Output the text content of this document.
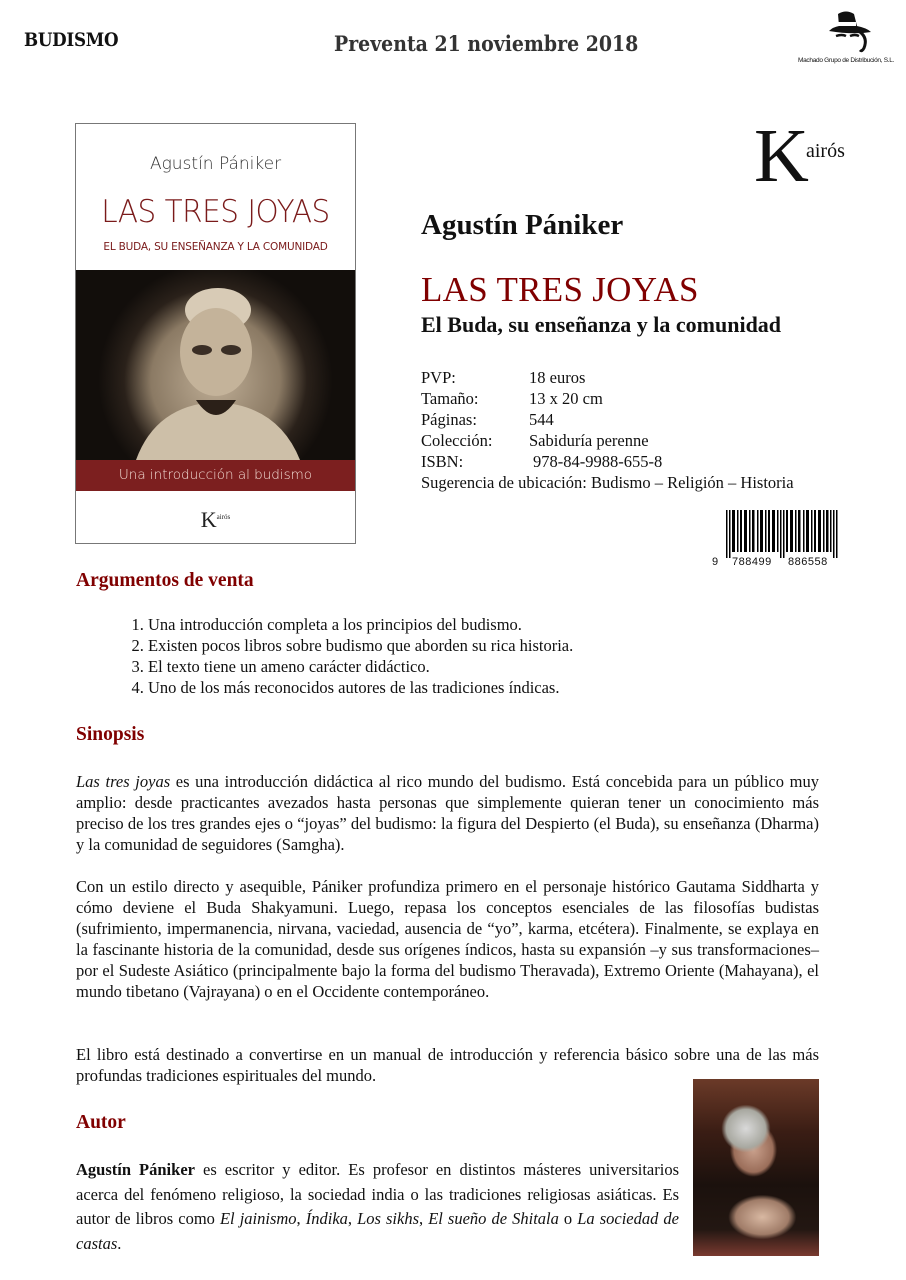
BUDISMO	Preventa 21 noviembre 2018
Machado Grupo de Distribución, S.L.
Agustín Pániker
LAS TRES JOYAS
EL BUDA, SU ENSEÑANZA Y LA COMUNIDAD
Una introducción al budismo
$K^{airós}$
K
airós
Agustín Pániker
LAS TRES JOYAS
El Buda, su enseñanza y la comunidad
PVP:	18 euros
Tamaño:	13 x 20 cm
Páginas:	544
Colección:	Sabiduría perenne
ISBN:	978-84-9988-655-8
Sugerencia de ubicación: Budismo – Religión – Historia
9 788499 886558
Argumentos de venta
1. Una introducción completa a los principios del budismo.
2. Existen pocos libros sobre budismo que aborden su rica historia.
3. El texto tiene un ameno carácter didáctico.
4. Uno de los más reconocidos autores de las tradiciones índicas.
Sinopsis

Las tres joyas es una introducción didáctica al rico mundo del budismo. Está concebida para un público muy amplio: desde practicantes avezados hasta personas que simplemente quieran tener un conocimiento más preciso de los tres grandes ejes o “joyas” del budismo: la figura del Despierto (el Buda), su enseñanza (Dharma) y la comunidad de seguidores (Samgha).

Con un estilo directo y asequible, Pániker profundiza primero en el personaje histórico Gautama Siddharta y cómo deviene el Buda Shakyamuni. Luego, repasa los conceptos esenciales de las filosofías budistas (sufrimiento, impermanencia, nirvana, vaciedad, ausencia de “yo”, karma, etcétera). Finalmente, se explaya en la fascinante historia de la comunidad, desde sus orígenes índicos, hasta su expansión –y sus transformaciones– por el Sudeste Asiático (principalmente bajo la forma del budismo Theravada), Extremo Oriente (Mahayana), el mundo tibetano (Vajrayana) o en el Occidente contemporáneo.

El libro está destinado a convertirse en un manual de introducción y referencia básico sobre una de las más profundas tradiciones espirituales del mundo.

Autor

Agustín Pániker es escritor y editor. Es profesor en distintos másteres universitarios acerca del fenómeno religioso, la sociedad india o las tradiciones religiosas asiáticas. Es autor de libros como El jainismo, Índika, Los sikhs, El sueño de Shitala o La sociedad de castas.
